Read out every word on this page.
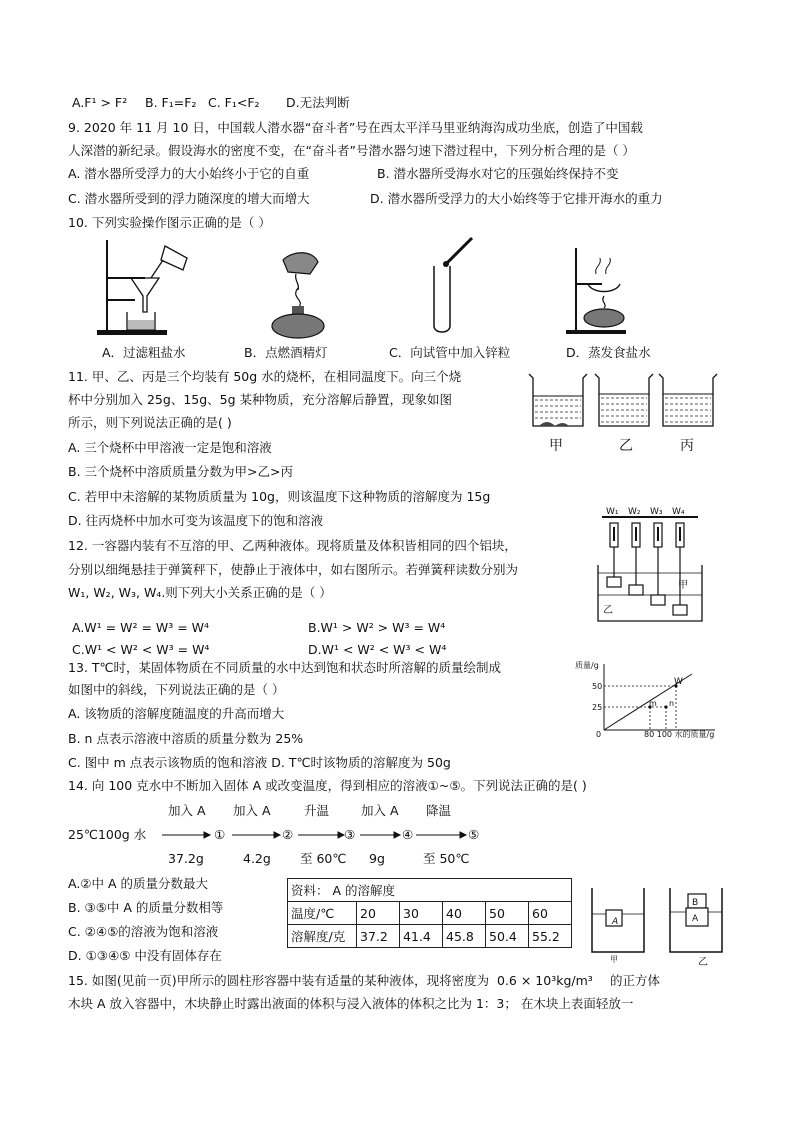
A.F¹ > F² B. F₁=F₂ C. F₁<F₂ D.无法判断
9. 2020 年 11 月 10 日，中国载人潜水器“奋斗者”号在西太平洋马里亚纳海沟成功坐底，创造了中国载
人深潜的新纪录。假设海水的密度不变，在“奋斗者”号潜水器匀速下潜过程中，下列分析合理的是（ ）
A. 潜水器所受浮力的大小始终小于它的自重	B. 潜水器所受海水对它的压强始终保持不变
C. 潜水器所受到的浮力随深度的增大而增大	D. 潜水器所受浮力的大小始终等于它排开海水的重力
10. 下列实验操作图示正确的是（ ）
A．过滤粗盐水	B．点燃酒精灯	C．向试管中加入锌粒	D．蒸发食盐水
11. 甲、乙、丙是三个均装有 50g 水的烧杯，在相同温度下。向三个烧
杯中分别加入 25g、15g、5g 某种物质，充分溶解后静置，现象如图
所示，则下列说法正确的是( )
A. 三个烧杯中甲溶液一定是饱和溶液
B. 三个烧杯中溶质质量分数为甲>乙>丙
C. 若甲中未溶解的某物质质量为 10g，则该温度下这种物质的溶解度为 15g
D. 往丙烧杯中加水可变为该温度下的饱和溶液
甲	乙	丙
12. 一容器内装有不互溶的甲、乙两种液体。现将质量及体积皆相同的四个铝块，
分别以细绳悬挂于弹簧秤下，使静止于液体中，如右图所示。若弹簧秤读数分别为
W₁, W₂, W₃, W₄.则下列大小关系正确的是（ ）
A.W¹ = W² = W³ = W⁴	B.W¹ > W² > W³ = W⁴
C.W¹ < W² < W³ = W⁴	D.W¹ < W² < W³ < W⁴
W₁ W₂ W₃ W₄
甲
乙
13. T℃时，某固体物质在不同质量的水中达到饱和状态时所溶解的质量绘制成
如图中的斜线，下列说法正确的是（ ）
A. 该物质的溶解度随温度的升高而增大
B. n 点表示溶液中溶质的质量分数为 25%
C. 图中 m 点表示该物质的饱和溶液 D. T℃时该物质的溶解度为 50g
质量/g
50
25
0	80 100 水的质量/g
W
m n
14. 向 100 克水中不断加入固体 A 或改变温度，得到相应的溶液①~⑤。下列说法正确的是( )
加入 A 加入 A	升温	加入 A 降温
25℃100g 水	①	②	③	④	⑤
37.2g	4.2g 至 60℃ 9g	至 50℃
A.②中 A 的质量分数最大
B. ③⑤中 A 的质量分数相等
C. ②④⑤的溶液为饱和溶液
D. ①③④⑤ 中没有固体存在
资料： A 的溶解度					
温度/℃	20	30	40	50	60
溶解度/克	37.2	41.4	45.8	50.4	55.2
A
B
A
甲	乙
15. 如图(见前一页)甲所示的圆柱形容器中装有适量的某种液体，现将密度为 0.6 × 10³kg/m³ 的正方体
木块 A 放入容器中，木块静止时露出液面的体积与浸入液体的体积之比为 1：3； 在木块上表面轻放一
